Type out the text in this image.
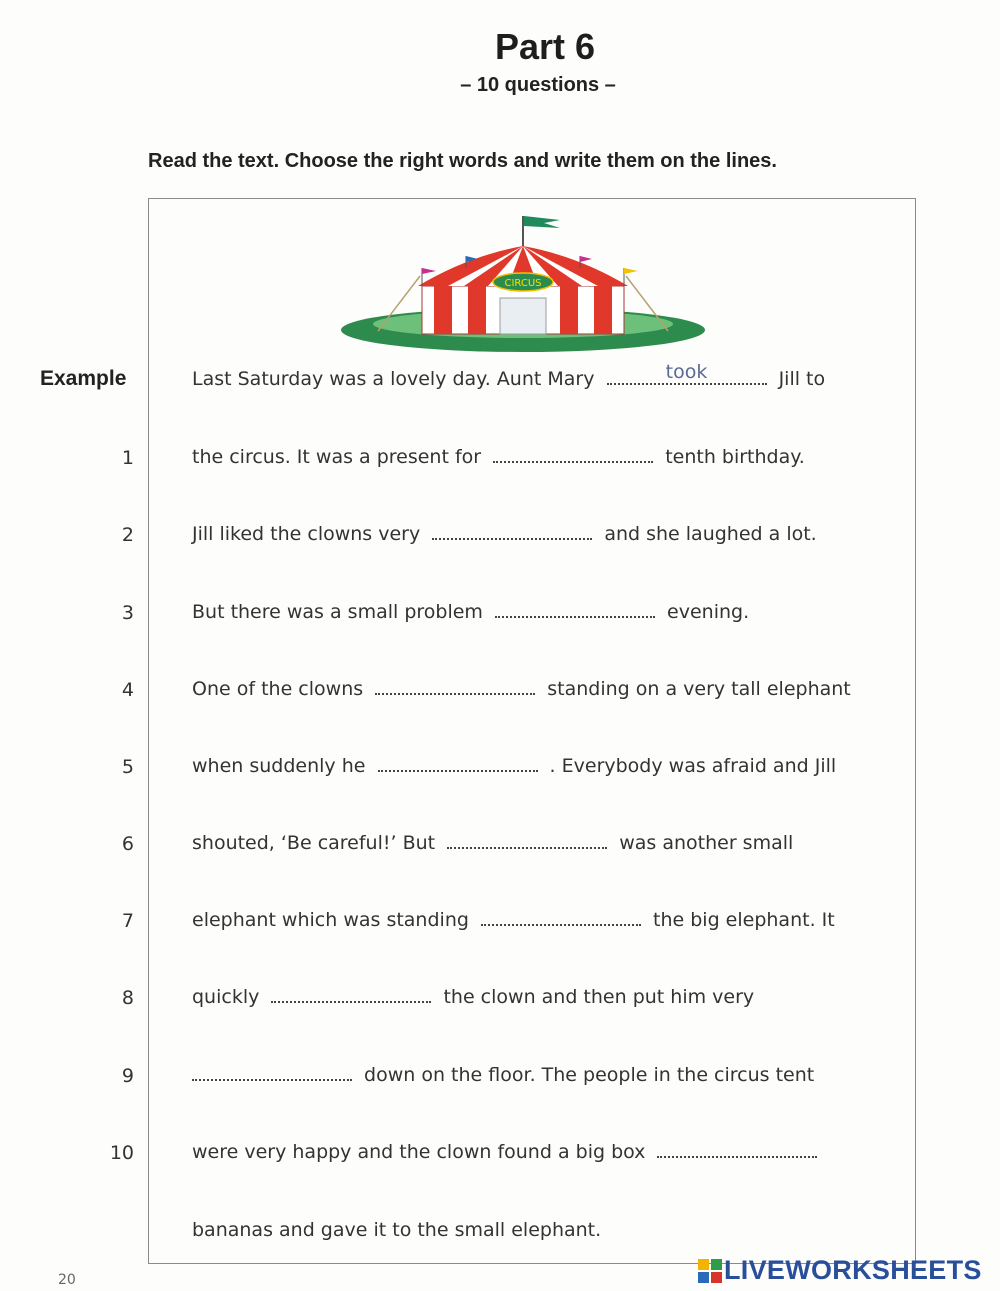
Part 6
– 10 questions –
Read the text. Choose the right words and write them on the lines.
CIRCUS
Example	Last Saturday was a lovely day. Aunt Mary	took	Jill to
1	the circus. It was a present for	tenth birthday.
2	Jill liked the clowns very	and she laughed a lot.
3	But there was a small problem	evening.
4	One of the clowns	standing on a very tall elephant
5	when suddenly he	. Everybody was afraid and Jill
6	shouted, ‘Be careful!’ But	was another small
7	elephant which was standing	the big elephant. It
8	quickly	the clown and then put him very
9	down on the floor. The people in the circus tent
10	were very happy and the clown found a big box
bananas and gave it to the small elephant.
20	LIVEWORKSHEETS
